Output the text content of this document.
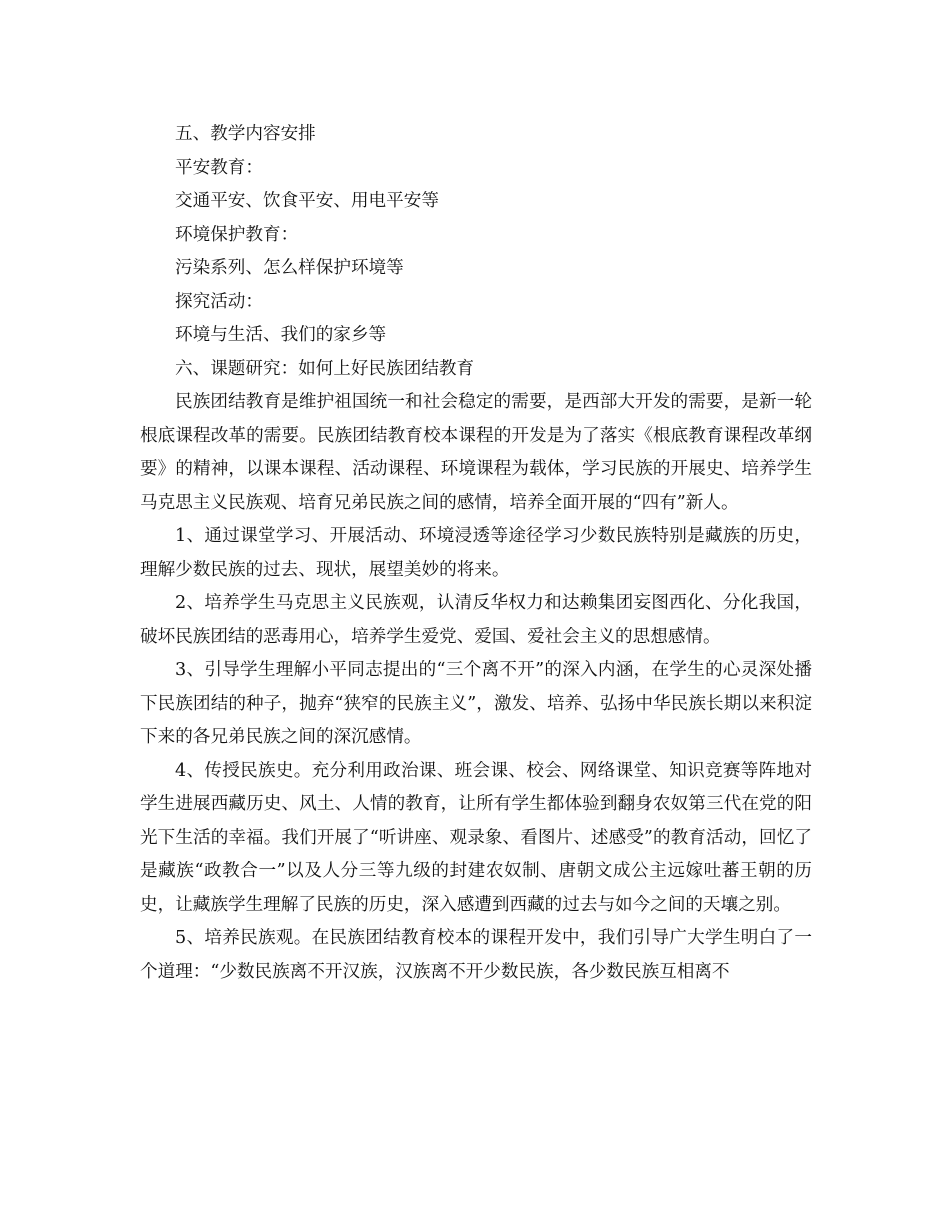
五、教学内容安排
平安教育：
交通平安、饮食平安、用电平安等
环境保护教育：
污染系列、怎么样保护环境等
探究活动：
环境与生活、我们的家乡等
六、课题研究：如何上好民族团结教育

民族团结教育是维护祖国统一和社会稳定的需要，是西部大开发的需要，是新一轮根底课程改革的需要。民族团结教育校本课程的开发是为了落实《根底教育课程改革纲要》的精神，以课本课程、活动课程、环境课程为载体，学习民族的开展史、培养学生马克思主义民族观、培育兄弟民族之间的感情，培养全面开展的“四有”新人。

1、通过课堂学习、开展活动、环境浸透等途径学习少数民族特别是藏族的历史，理解少数民族的过去、现状，展望美妙的将来。

2、培养学生马克思主义民族观，认清反华权力和达赖集团妄图西化、分化我国，破坏民族团结的恶毒用心，培养学生爱党、爱国、爱社会主义的思想感情。

3、引导学生理解小平同志提出的“三个离不开”的深入内涵，在学生的心灵深处播下民族团结的种子，抛弃“狭窄的民族主义”，激发、培养、弘扬中华民族长期以来积淀下来的各兄弟民族之间的深沉感情。

4、传授民族史。充分利用政治课、班会课、校会、网络课堂、知识竞赛等阵地对学生进展西藏历史、风土、人情的教育，让所有学生都体验到翻身农奴第三代在党的阳光下生活的幸福。我们开展了“听讲座、观录象、看图片、述感受”的教育活动，回忆了是藏族“政教合一”以及人分三等九级的封建农奴制、唐朝文成公主远嫁吐蕃王朝的历史，让藏族学生理解了民族的历史，深入感遭到西藏的过去与如今之间的天壤之别。

5、培养民族观。在民族团结教育校本的课程开发中，我们引导广大学生明白了一个道理：“少数民族离不开汉族，汉族离不开少数民族，各少数民族互相离不
